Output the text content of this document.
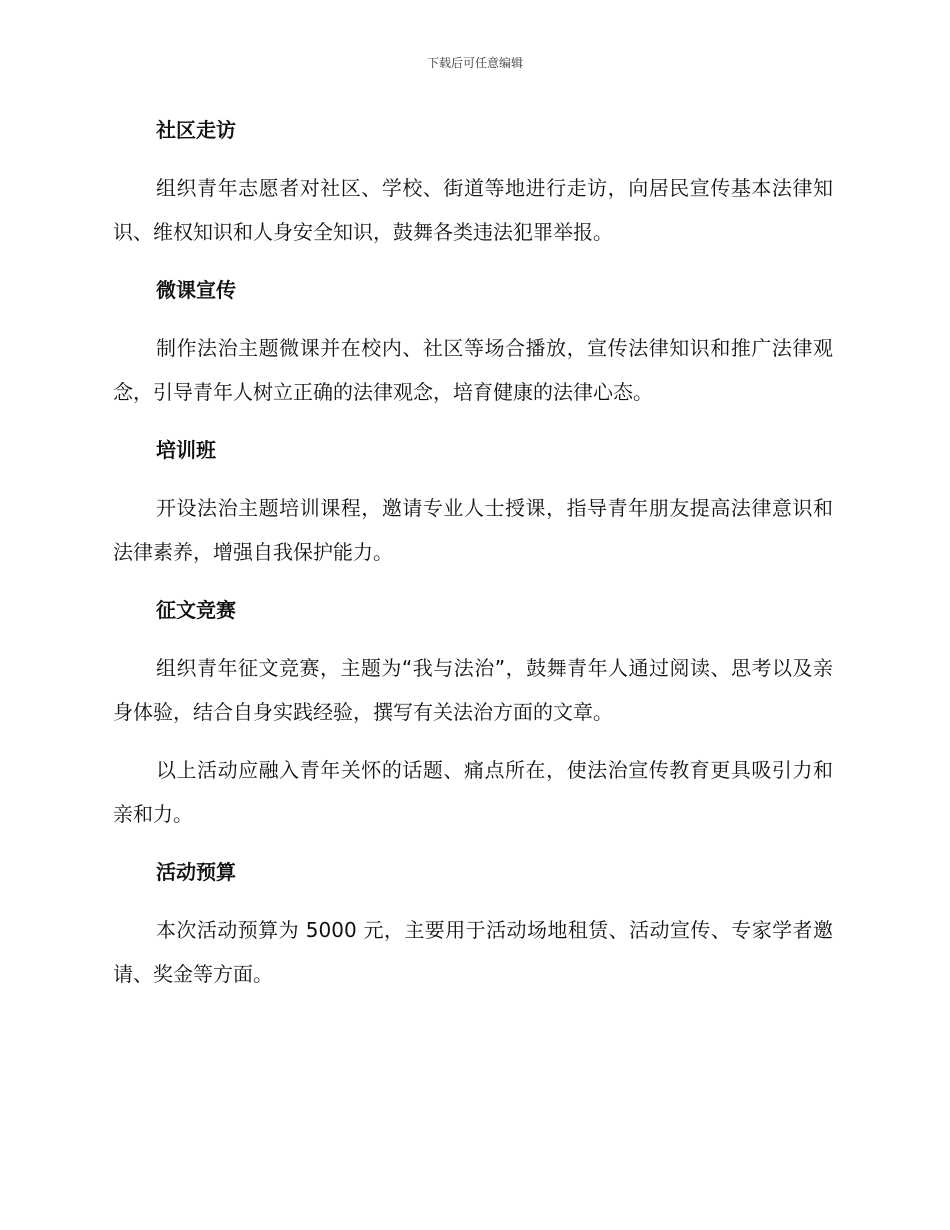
下载后可任意编辑
社区走访

组织青年志愿者对社区、学校、街道等地进行走访，向居民宣传基本法律知识、维权知识和人身安全知识，鼓舞各类违法犯罪举报。

微课宣传

制作法治主题微课并在校内、社区等场合播放，宣传法律知识和推广法律观念，引导青年人树立正确的法律观念，培育健康的法律心态。

培训班

开设法治主题培训课程，邀请专业人士授课，指导青年朋友提高法律意识和法律素养，增强自我保护能力。

征文竞赛

组织青年征文竞赛，主题为“我与法治”，鼓舞青年人通过阅读、思考以及亲身体验，结合自身实践经验，撰写有关法治方面的文章。

以上活动应融入青年关怀的话题、痛点所在，使法治宣传教育更具吸引力和亲和力。

活动预算

本次活动预算为 5000 元，主要用于活动场地租赁、活动宣传、专家学者邀请、奖金等方面。
